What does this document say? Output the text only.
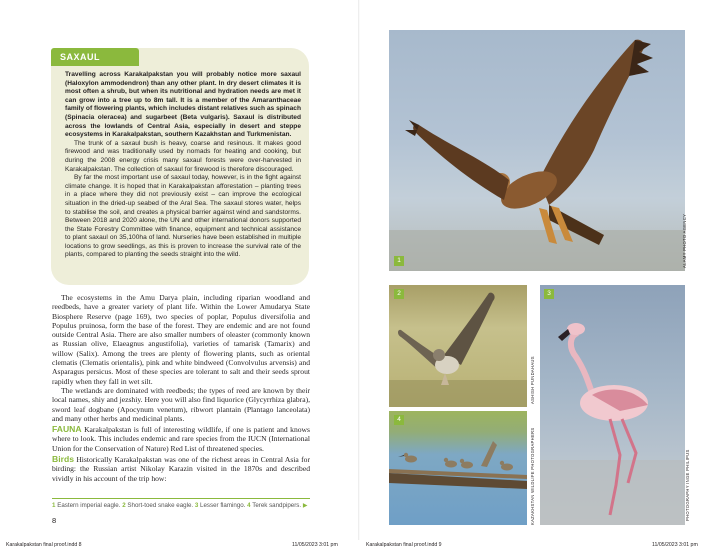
SAXAUL

Travelling across Karakalpakstan you will probably notice more saxaul (Haloxylon ammodendron) than any other plant. In dry desert climates it is most often a shrub, but when its nutritional and hydration needs are met it can grow into a tree up to 8m tall. It is a member of the Amaranthaceae family of flowering plants, which includes distant relatives such as spinach (Spinacia oleracea) and sugarbeet (Beta vulgaris). Saxaul is distributed across the lowlands of Central Asia, especially in desert and steppe ecosystems in Karakalpakstan, southern Kazakhstan and Turkmenistan.

The trunk of a saxaul bush is heavy, coarse and resinous. It makes good firewood and was traditionally used by nomads for heating and cooking, but during the 2008 energy crisis many saxaul forests were over-harvested in Karakalpakstan. The collection of saxaul for firewood is therefore discouraged.

By far the most important use of saxaul today, however, is in the fight against climate change. It is hoped that in Karakalpakstan afforestation – planting trees in a place where they did not previously exist – can improve the ecological situation in the dried-up seabed of the Aral Sea. The saxaul stores water, helps to stabilise the soil, and creates a physical barrier against wind and sandstorms. Between 2018 and 2020 alone, the UN and other international donors supported the State Forestry Committee with finance, equipment and technical assistance to plant saxaul on 35,100ha of land. Nurseries have been established in multiple locations to grow seedlings, as this is proven to increase the survival rate of the plants, compared to planting the seeds straight into the wild.

The ecosystems in the Amu Darya plain, including riparian woodland and reedbeds, have a greater variety of plant life. Within the Lower Amudarya State Biosphere Reserve (page 169), two species of poplar, Populus diversifolia and Populus pruinosa, form the base of the forest. They are endemic and are not found outside Central Asia. There are also smaller numbers of oleaster (commonly known as Russian olive, Elaeagnus angustifolia), varieties of tamarisk (Tamarix) and willow (Salix). Among the trees are plenty of flowering plants, such as oriental clematis (Clematis orientalis), pink and white bindweed (Convolvulus arvensis) and Asparagus persicus. Most of these species are tolerant to salt and their seeds sprout rapidly when they fall in wet silt.

The wetlands are dominated with reedbeds; the types of reed are known by their local names, shiy and jezshiy. Here you will also find liquorice (Glycyrrhiza glabra), sword leaf dogbane (Apocynum venetum), ribwort plantain (Plantago lanceolata) and many other herbs and medicinal plants.

FAUNA Karakalpakstan is full of interesting wildlife, if one is patient and knows where to look. This includes endemic and rare species from the IUCN (International Union for the Conservation of Nature) Red List of threatened species.

Birds Historically Karakalpakstan was one of the richest areas in Central Asia for birding: the Russian artist Nikolay Karazin visited in the 1870s and described vividly in his account of the trip how:

1 Eastern imperial eagle. 2 Short-toed snake eagle. 3 Lesser flamingo. 4 Terek sandpipers. ▶
8
1	ALAMY PHOTO AGENCY
2
ASHISH PUNDAHAUS
3
PHOTOGRAPHY INGE PHILIPUS
4
KAZAKHSTAN WILDLIFE PHOTOGRAPHERS
Karakalpakstan final proof.indd 8	11/05/2023 3:01 pm	Karakalpakstan final proof.indd 9	11/05/2023 3:01 pm
